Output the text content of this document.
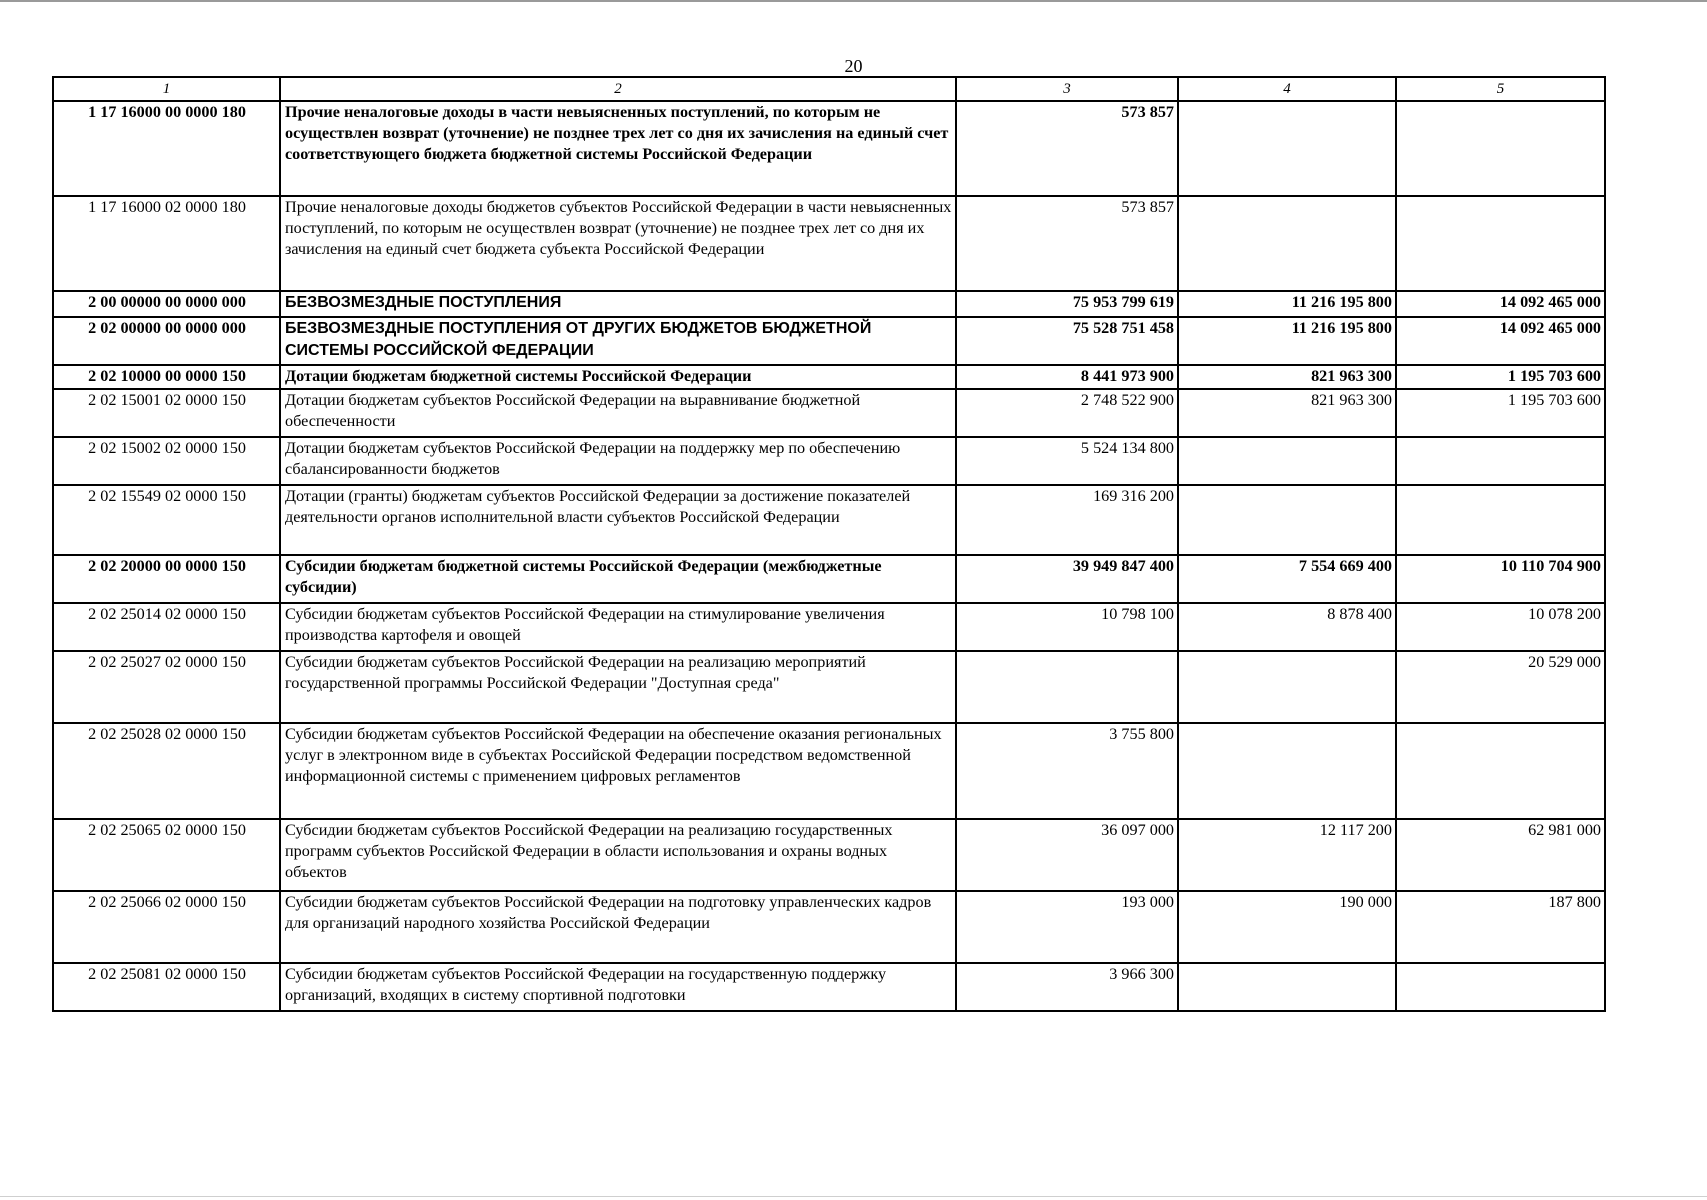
20
1	2	3	4	5
1 17 16000 00 0000 180	Прочие неналоговые доходы в части невыясненных поступлений, по которым не осуществлен возврат (уточнение) не позднее трех лет со дня их зачисления на единый счет соответствующего бюджета бюджетной системы Российской Федерации	573 857		
1 17 16000 02 0000 180	Прочие неналоговые доходы бюджетов субъектов Российской Федерации в части невыясненных поступлений, по которым не осуществлен возврат (уточнение) не позднее трех лет со дня их зачисления на единый счет бюджета субъекта Российской Федерации	573 857		
2 00 00000 00 0000 000	БЕЗВОЗМЕЗДНЫЕ ПОСТУПЛЕНИЯ	75 953 799 619	11 216 195 800	14 092 465 000
2 02 00000 00 0000 000	БЕЗВОЗМЕЗДНЫЕ ПОСТУПЛЕНИЯ ОТ ДРУГИХ БЮДЖЕТОВ БЮДЖЕТНОЙ СИСТЕМЫ РОССИЙСКОЙ ФЕДЕРАЦИИ	75 528 751 458	11 216 195 800	14 092 465 000
2 02 10000 00 0000 150	Дотации бюджетам бюджетной системы Российской Федерации	8 441 973 900	821 963 300	1 195 703 600
2 02 15001 02 0000 150	Дотации бюджетам субъектов Российской Федерации на выравнивание бюджетной обеспеченности	2 748 522 900	821 963 300	1 195 703 600
2 02 15002 02 0000 150	Дотации бюджетам субъектов Российской Федерации на поддержку мер по обеспечению сбалансированности бюджетов	5 524 134 800		
2 02 15549 02 0000 150	Дотации (гранты) бюджетам субъектов Российской Федерации за достижение показателей деятельности органов исполнительной власти субъектов Российской Федерации	169 316 200		
2 02 20000 00 0000 150	Субсидии бюджетам бюджетной системы Российской Федерации (межбюджетные субсидии)	39 949 847 400	7 554 669 400	10 110 704 900
2 02 25014 02 0000 150	Субсидии бюджетам субъектов Российской Федерации на стимулирование увеличения производства картофеля и овощей	10 798 100	8 878 400	10 078 200
2 02 25027 02 0000 150	Субсидии бюджетам субъектов Российской Федерации на реализацию мероприятий государственной программы Российской Федерации "Доступная среда"			20 529 000
2 02 25028 02 0000 150	Субсидии бюджетам субъектов Российской Федерации на обеспечение оказания региональных услуг в электронном виде в субъектах Российской Федерации посредством ведомственной информационной системы с применением цифровых регламентов	3 755 800		
2 02 25065 02 0000 150	Субсидии бюджетам субъектов Российской Федерации на реализацию государственных программ субъектов Российской Федерации в области использования и охраны водных объектов	36 097 000	12 117 200	62 981 000
2 02 25066 02 0000 150	Субсидии бюджетам субъектов Российской Федерации на подготовку управленческих кадров для организаций народного хозяйства Российской Федерации	193 000	190 000	187 800
2 02 25081 02 0000 150	Субсидии бюджетам субъектов Российской Федерации на государственную поддержку организаций, входящих в систему спортивной подготовки	3 966 300		
